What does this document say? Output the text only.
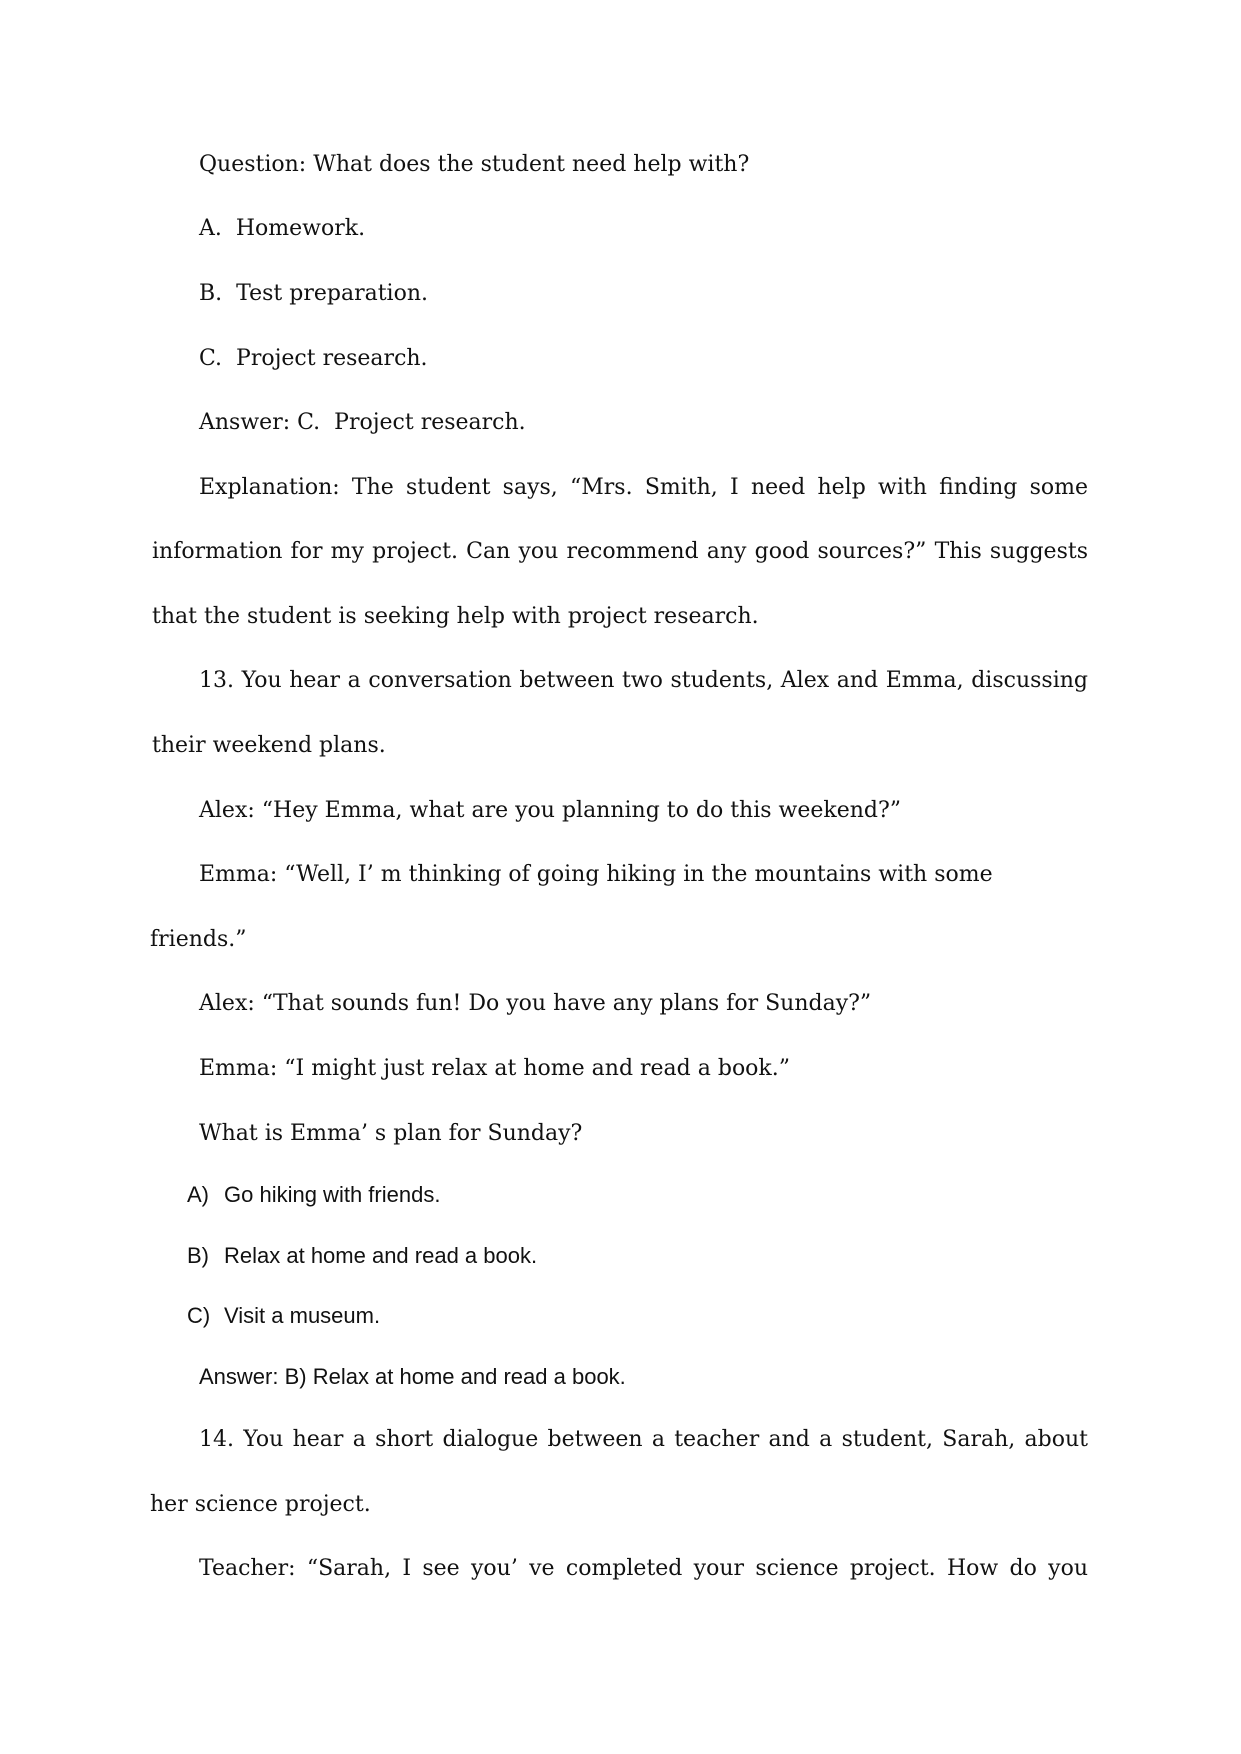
Question: What does the student need help with?
A.  Homework.
B.  Test preparation.
C.  Project research.
Answer: C.  Project research.
Explanation: The student says, “Mrs. Smith, I need help with finding some
information for my project. Can you recommend any good sources?” This suggests
that the student is seeking help with project research.
13. You hear a conversation between two students, Alex and Emma, discussing
their weekend plans.
Alex: “Hey Emma, what are you planning to do this weekend?”
Emma: “Well, I’ m thinking of going hiking in the mountains with some
friends.”
Alex: “That sounds fun! Do you have any plans for Sunday?”
Emma: “I might just relax at home and read a book.”
What is Emma’ s plan for Sunday?
A) Go hiking with friends.
B) Relax at home and read a book.
C) Visit a museum.
Answer: B) Relax at home and read a book.
14. You hear a short dialogue between a teacher and a student, Sarah, about
her science project.
Teacher: “Sarah, I see you’ ve completed your science project. How do you
